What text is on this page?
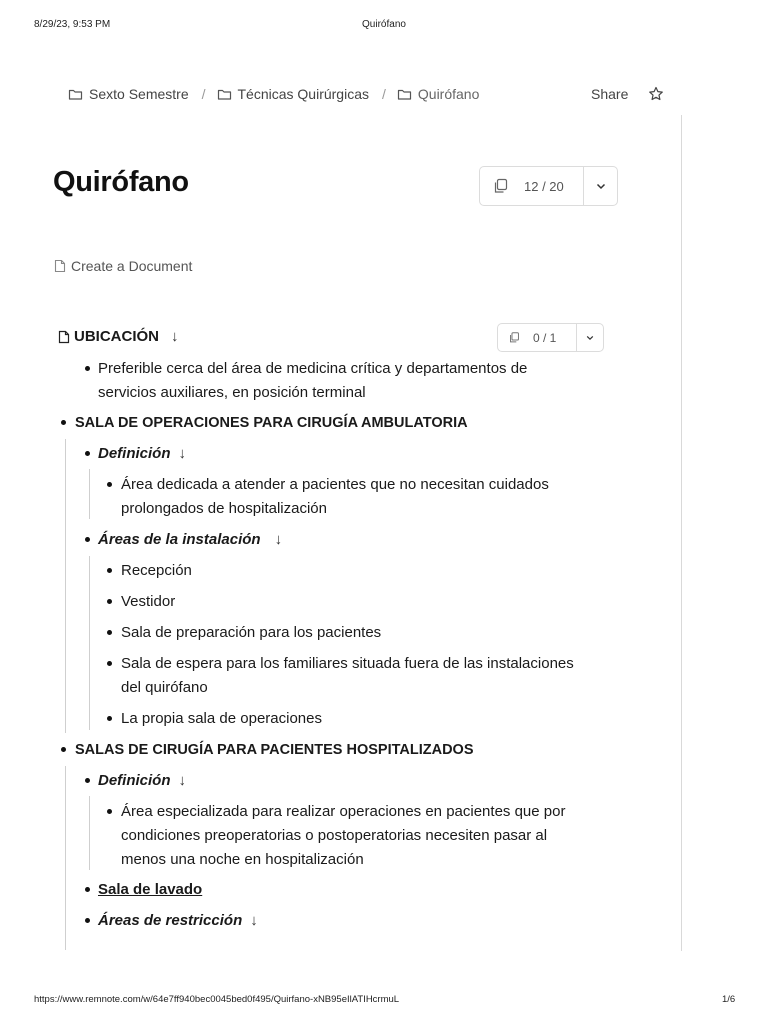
8/29/23, 9:53 PM	Quirófano
Sexto Semestre / Técnicas Quirúrgicas / Quirófano	Share
Quirófano	12 / 20
Create a Document
UBICACIÓN ↓	0 / 1
Preferible cerca del área de medicina crítica y departamentos de
servicios auxiliares, en posición terminal
SALA DE OPERACIONES PARA CIRUGÍA AMBULATORIA
Definición ↓
Área dedicada a atender a pacientes que no necesitan cuidados
prolongados de hospitalización
Áreas de la instalación ↓
Recepción
Vestidor
Sala de preparación para los pacientes
Sala de espera para los familiares situada fuera de las instalaciones
del quirófano
La propia sala de operaciones
SALAS DE CIRUGÍA PARA PACIENTES HOSPITALIZADOS
Definición ↓
Área especializada para realizar operaciones en pacientes que por
condiciones preoperatorias o postoperatorias necesiten pasar al
menos una noche en hospitalización
Sala de lavado
Áreas de restricción ↓
https://www.remnote.com/w/64e7ff940bec0045bed0f495/Quirfano-xNB95eIlATIHcrmuL	1/6
